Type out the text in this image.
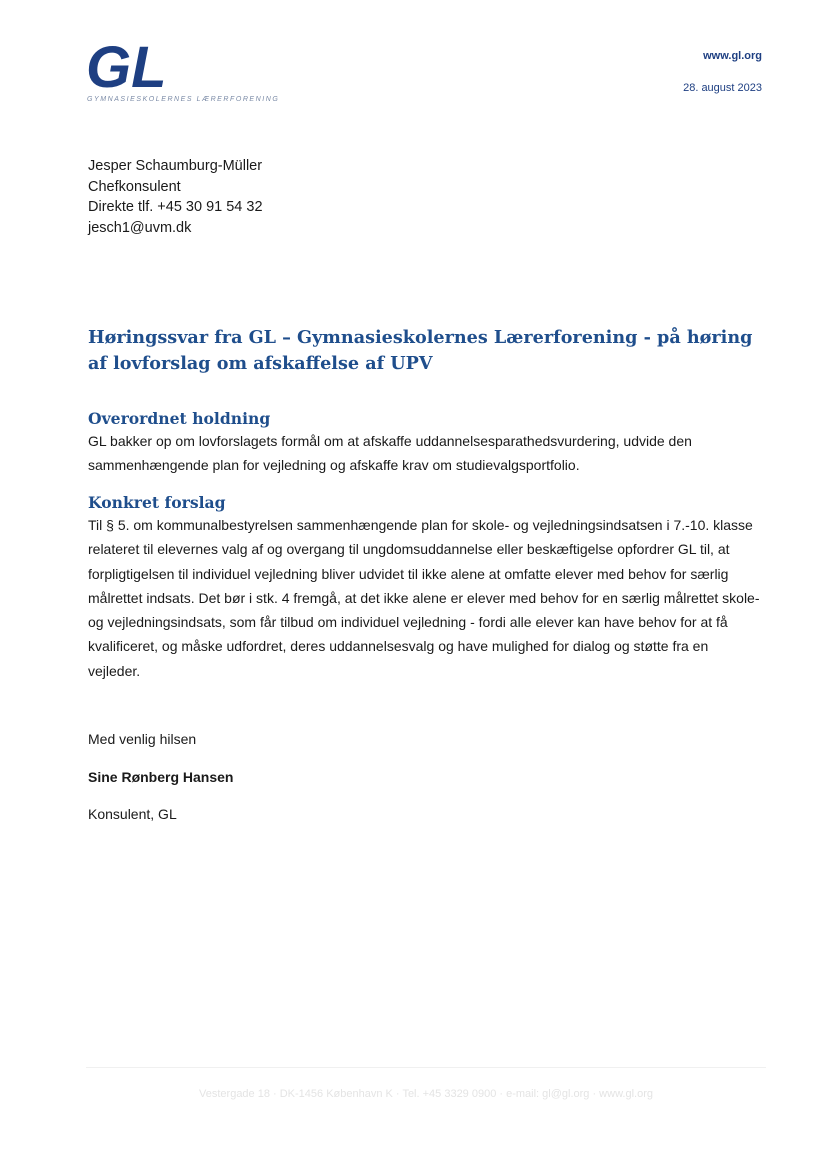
GL
GYMNASIESKOLERNES LÆRERFORENING
www.gl.org
28. august 2023
Jesper Schaumburg-Müller
Chefkonsulent
Direkte tlf. +45 30 91 54 32
jesch1@uvm.dk
Høringssvar fra GL – Gymnasieskolernes Lærerforening - på høring af lovforslag om afskaffelse af UPV
Overordnet holdning

GL bakker op om lovforslagets formål om at afskaffe uddannelsesparathedsvurdering, udvide den sammenhængende plan for vejledning og afskaffe krav om studievalgsportfolio.

Konkret forslag

Til § 5. om kommunalbestyrelsen sammenhængende plan for skole- og vejledningsindsatsen i 7.-10. klasse relateret til elevernes valg af og overgang til ungdomsuddannelse eller beskæftigelse opfordrer GL til, at forpligtigelsen til individuel vejledning bliver udvidet til ikke alene at omfatte elever med behov for særlig målrettet indsats. Det bør i stk. 4 fremgå, at det ikke alene er elever med behov for en særlig målrettet skole- og vejledningsindsats, som får tilbud om individuel vejledning - fordi alle elever kan have behov for at få kvalificeret, og måske udfordret, deres uddannelsesvalg og have mulighed for dialog og støtte fra en vejleder.

Med venlig hilsen
Sine Rønberg Hansen
Konsulent, GL
Vestergade 18 · DK-1456 København K · Tel. +45 3329 0900 · e-mail: gl@gl.org · www.gl.org
